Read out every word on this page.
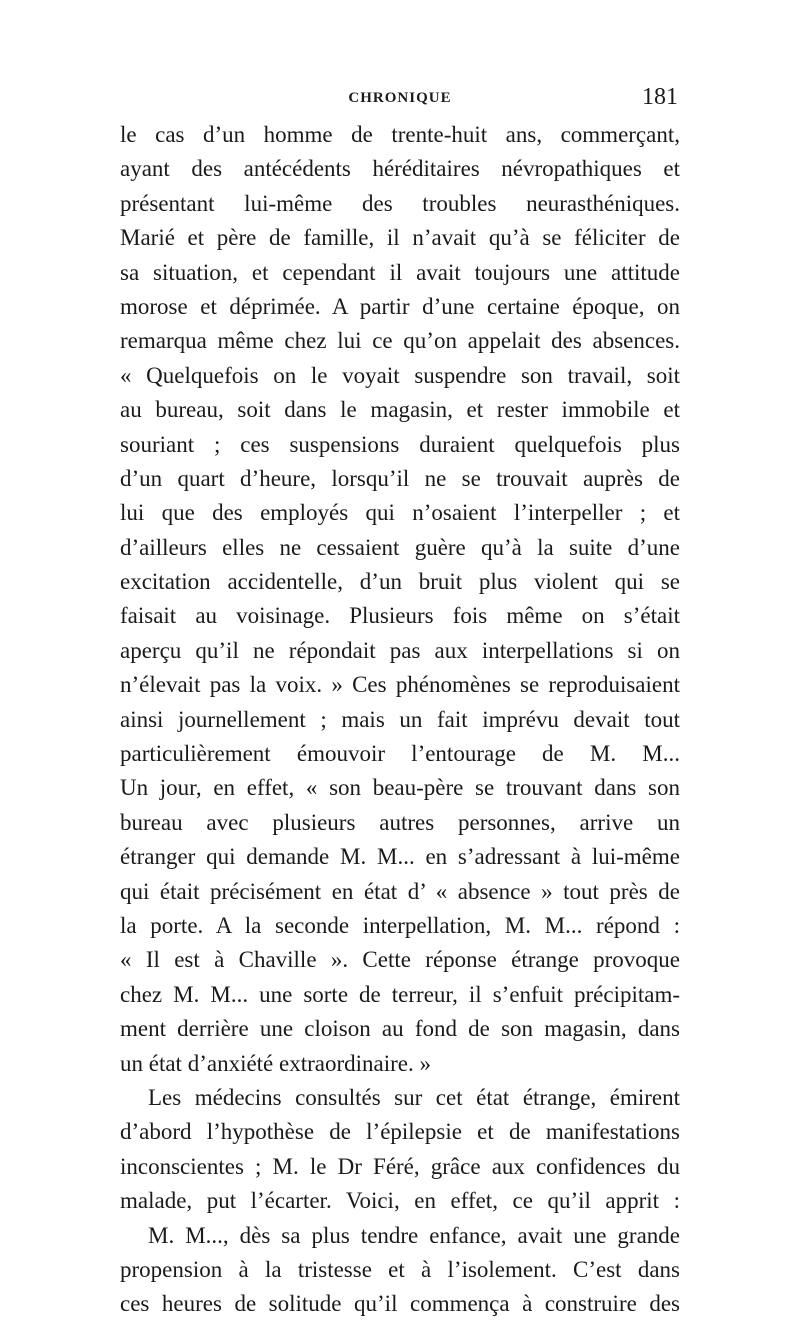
CHRONIQUE	181
le cas d’un homme de trente-huit ans, commerçant,
ayant des antécédents héréditaires névropathiques et
présentant lui-même des troubles neurasthéniques.
Marié et père de famille, il n’avait qu’à se féliciter de
sa situation, et cependant il avait toujours une attitude
morose et déprimée. A partir d’une certaine époque, on
remarqua même chez lui ce qu’on appelait des absences.
« Quelquefois on le voyait suspendre son travail, soit
au bureau, soit dans le magasin, et rester immobile et
souriant ; ces suspensions duraient quelquefois plus
d’un quart d’heure, lorsqu’il ne se trouvait auprès de
lui que des employés qui n’osaient l’interpeller ; et
d’ailleurs elles ne cessaient guère qu’à la suite d’une
excitation accidentelle, d’un bruit plus violent qui se
faisait au voisinage. Plusieurs fois même on s’était
aperçu qu’il ne répondait pas aux interpellations si on
n’élevait pas la voix. » Ces phénomènes se reproduisaient
ainsi journellement ; mais un fait imprévu devait tout
particulièrement émouvoir l’entourage de M. M...
Un jour, en effet, « son beau-père se trouvant dans son
bureau avec plusieurs autres personnes, arrive un
étranger qui demande M. M... en s’adressant à lui-même
qui était précisément en état d’ « absence » tout près de
la porte. A la seconde interpellation, M. M... répond :
« Il est à Chaville ». Cette réponse étrange provoque
chez M. M... une sorte de terreur, il s’enfuit précipitam-
ment derrière une cloison au fond de son magasin, dans
un état d’anxiété extraordinaire. »
Les médecins consultés sur cet état étrange, émirent
d’abord l’hypothèse de l’épilepsie et de manifestations
inconscientes ; M. le Dr Féré, grâce aux confidences du
malade, put l’écarter. Voici, en effet, ce qu’il apprit :
M. M..., dès sa plus tendre enfance, avait une grande
propension à la tristesse et à l’isolement. C’est dans
ces heures de solitude qu’il commença à construire des
